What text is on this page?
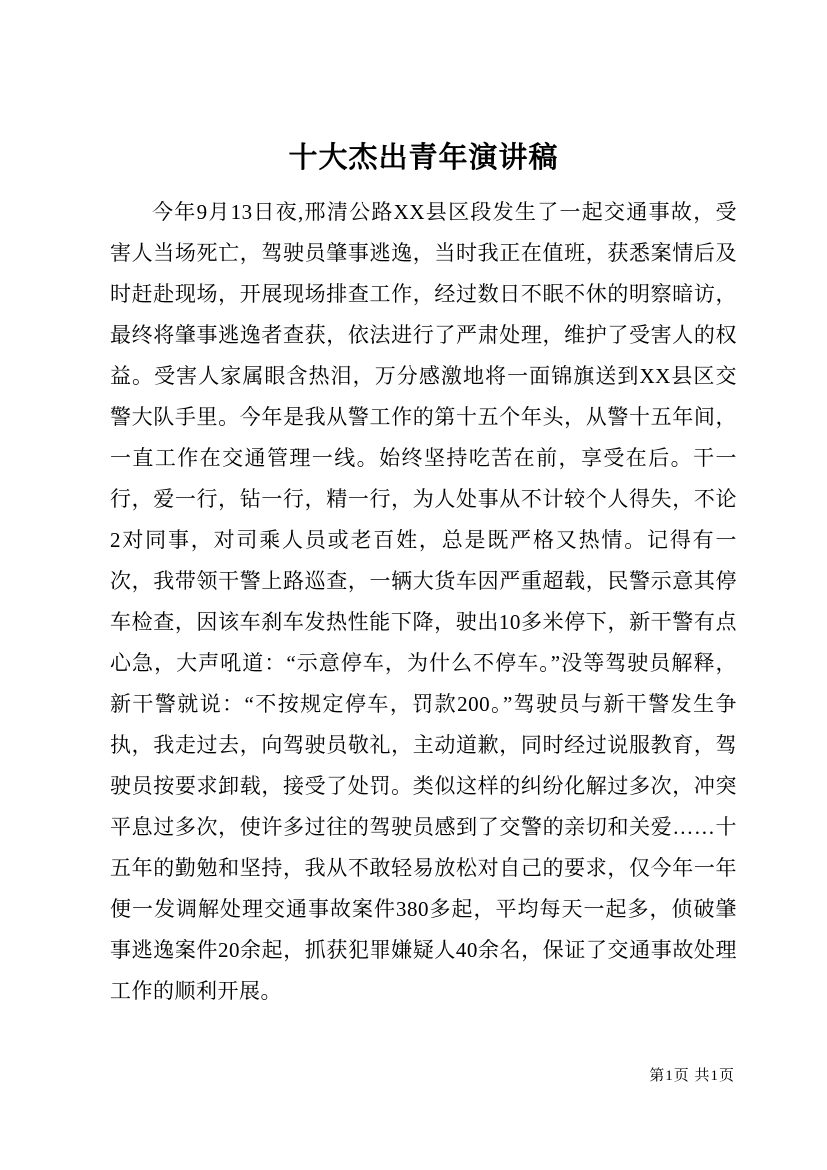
十大杰出青年演讲稿

今年9月13日夜,邢清公路XX县区段发生了一起交通事故，受害人当场死亡，驾驶员肇事逃逸，当时我正在值班，获悉案情后及时赶赴现场，开展现场排查工作，经过数日不眠不休的明察暗访，最终将肇事逃逸者查获，依法进行了严肃处理，维护了受害人的权益。受害人家属眼含热泪，万分感激地将一面锦旗送到XX县区交警大队手里。今年是我从警工作的第十五个年头，从警十五年间，一直工作在交通管理一线。始终坚持吃苦在前，享受在后。干一行，爱一行，钻一行，精一行，为人处事从不计较个人得失，不论2对同事，对司乘人员或老百姓，总是既严格又热情。记得有一次，我带领干警上路巡查，一辆大货车因严重超载，民警示意其停车检查，因该车刹车发热性能下降，驶出10多米停下，新干警有点心急，大声吼道：“示意停车，为什么不停车。”没等驾驶员解释，新干警就说：“不按规定停车，罚款200。”驾驶员与新干警发生争执，我走过去，向驾驶员敬礼，主动道歉，同时经过说服教育，驾驶员按要求卸载，接受了处罚。类似这样的纠纷化解过多次，冲突平息过多次，使许多过往的驾驶员感到了交警的亲切和关爱……十五年的勤勉和坚持，我从不敢轻易放松对自己的要求，仅今年一年便一发调解处理交通事故案件380多起，平均每天一起多，侦破肇事逃逸案件20余起，抓获犯罪嫌疑人40余名，保证了交通事故处理工作的顺利开展。

第1页 共1页
